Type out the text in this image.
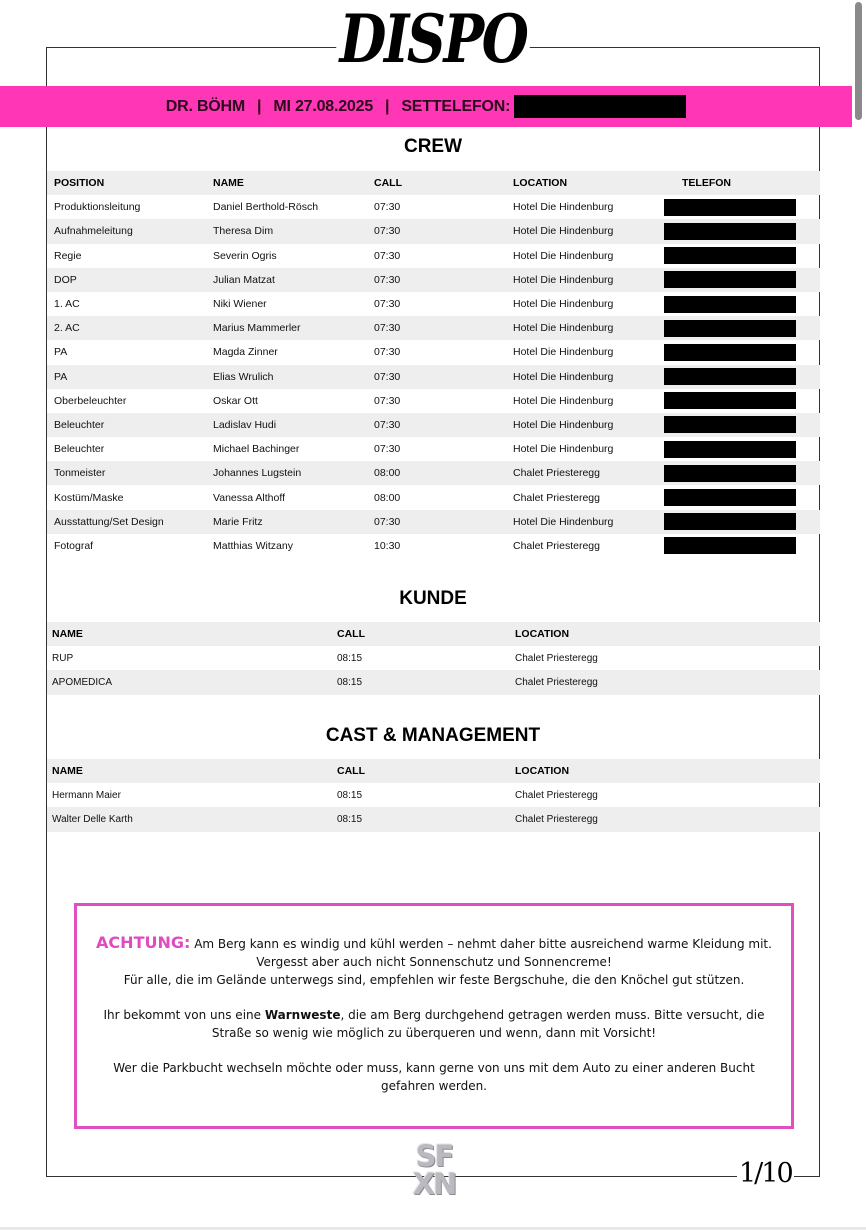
DISPO
DR. BÖHM | MI 27.08.2025 | SETTELEFON:
CREW
POSITION	NAME	CALL	LOCATION	TELEFON
Produktionsleitung	Daniel Berthold-Rösch	07:30	Hotel Die Hindenburg	
Aufnahmeleitung	Theresa Dim	07:30	Hotel Die Hindenburg	
Regie	Severin Ogris	07:30	Hotel Die Hindenburg	
DOP	Julian Matzat	07:30	Hotel Die Hindenburg	
1. AC	Niki Wiener	07:30	Hotel Die Hindenburg	
2. AC	Marius Mammerler	07:30	Hotel Die Hindenburg	
PA	Magda Zinner	07:30	Hotel Die Hindenburg	
PA	Elias Wrulich	07:30	Hotel Die Hindenburg	
Oberbeleuchter	Oskar Ott	07:30	Hotel Die Hindenburg	
Beleuchter	Ladislav Hudi	07:30	Hotel Die Hindenburg	
Beleuchter	Michael Bachinger	07:30	Hotel Die Hindenburg	
Tonmeister	Johannes Lugstein	08:00	Chalet Priesteregg	
Kostüm/Maske	Vanessa Althoff	08:00	Chalet Priesteregg	
Ausstattung/Set Design	Marie Fritz	07:30	Hotel Die Hindenburg	
Fotograf	Matthias Witzany	10:30	Chalet Priesteregg	
KUNDE
NAME	CALL	LOCATION
RUP	08:15	Chalet Priesteregg
APOMEDICA	08:15	Chalet Priesteregg
CAST & MANAGEMENT
NAME	CALL	LOCATION
Hermann Maier	08:15	Chalet Priesteregg
Walter Delle Karth	08:15	Chalet Priesteregg

ACHTUNG: Am Berg kann es windig und kühl werden – nehmt daher bitte ausreichend warme Kleidung mit.
Vergesst aber auch nicht Sonnenschutz und Sonnencreme!
Für alle, die im Gelände unterwegs sind, empfehlen wir feste Bergschuhe, die den Knöchel gut stützen.

Ihr bekommt von uns eine Warnweste, die am Berg durchgehend getragen werden muss. Bitte versucht, die Straße so wenig wie möglich zu überqueren und wenn, dann mit Vorsicht!

Wer die Parkbucht wechseln möchte oder muss, kann gerne von uns mit dem Auto zu einer anderen Bucht gefahren werden.

SF
XN	1/10
